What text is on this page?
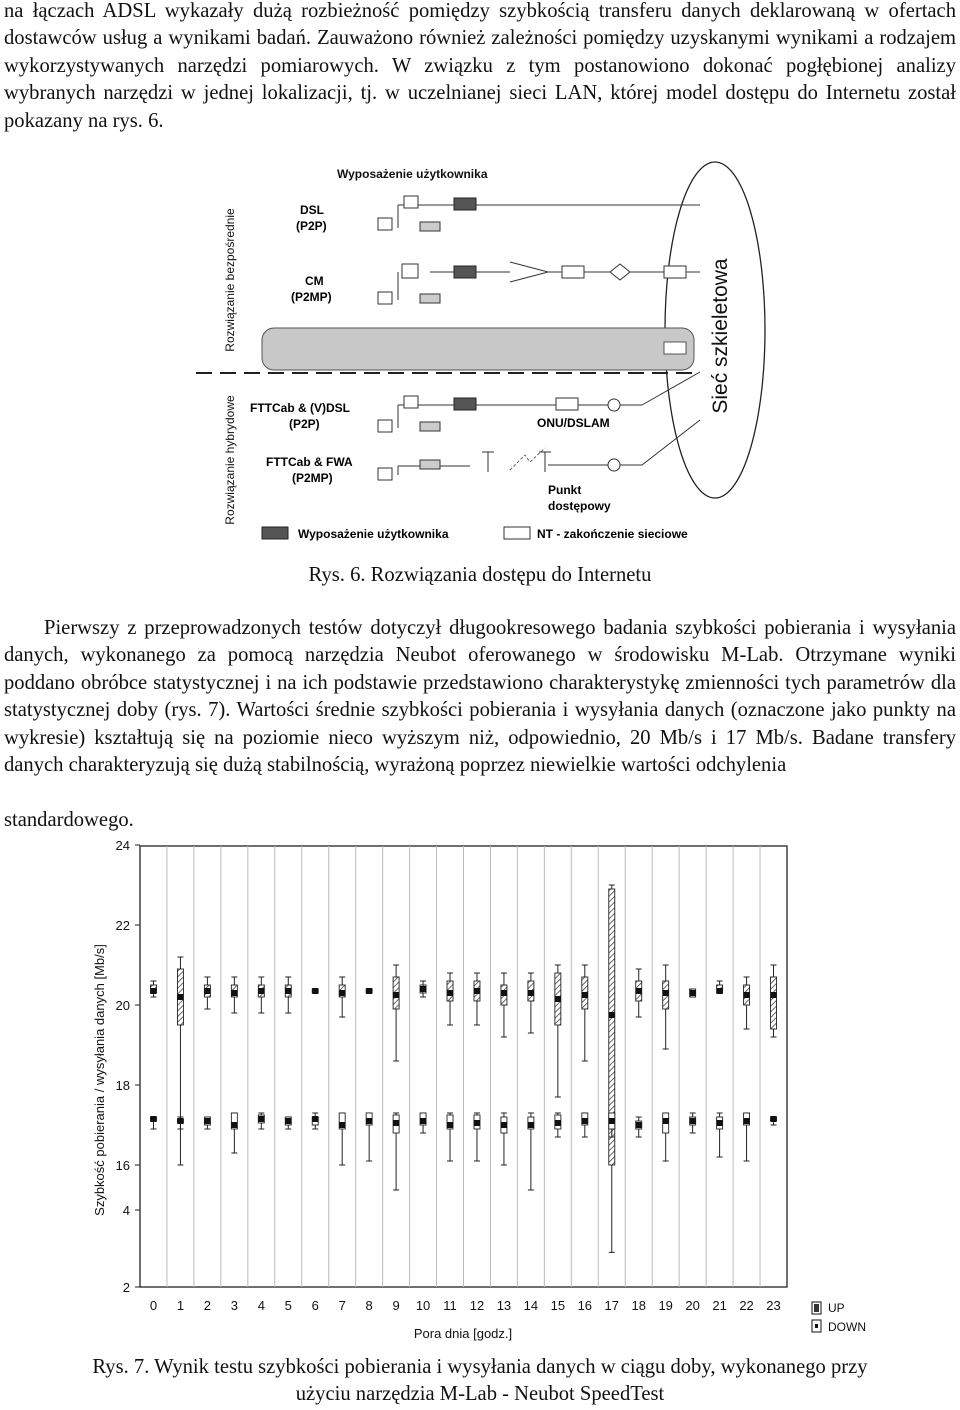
na łączach ADSL wykazały dużą rozbieżność pomiędzy szybkością transferu danych deklarowaną w ofertach dostawców usług a wynikami badań. Zauważono również zależności pomiędzy uzyskanymi wynikami a rodzajem wykorzystywanych narzędzi pomiarowych. W związku z tym postanowiono dokonać pogłębionej analizy wybranych narzędzi w jednej lokalizacji, tj. w uczelnianej sieci LAN, której model dostępu do Internetu został pokazany na rys. 6.

Sieć szkieletowa
Wyposażenie użytkownika
Rozwiązanie bezpośrednie
Rozwiązanie hybrydowe
DSL
(P2P)
CM
(P2MP)
FTTCab & (V)DSL
(P2P)
FTTCab & FWA
(P2MP)
ONU/DSLAM
Punkt
dostępowy
Wyposażenie użytkownika	NT - zakończenie sieciowe

Rys. 6. Rozwiązania dostępu do Internetu

Pierwszy z przeprowadzonych testów dotyczył długookresowego badania szybkości pobierania i wysyłania danych, wykonanego za pomocą narzędzia Neubot oferowanego w środowisku M-Lab. Otrzymane wyniki poddano obróbce statystycznej i na ich podstawie przedstawiono charakterystykę zmienności tych parametrów dla statystycznej doby (rys. 7). Wartości średnie szybkości pobierania i wysyłania danych (oznaczone jako punkty na wykresie) kształtują się na poziomie nieco wyższym niż, odpowiednio, 20 Mb/s i 17 Mb/s. Badane transfery danych charakteryzują się dużą stabilnością, wyrażoną poprzez niewielkie wartości odchylenia

standardowego.

2
4
16
18
20
22
24
0 1 2 3 4 5 6 7 8 9 10 11 12 13 14 15 16 17 18 19 20 21 22 23
Szybkość pobierania / wysyłania danych [Mb/s]
Pora dnia [godz.]
UP
DOWN

Rys. 7. Wynik testu szybkości pobierania i wysyłania danych w ciągu doby, wykonanego przy

użyciu narzędzia M-Lab - Neubot SpeedTest
